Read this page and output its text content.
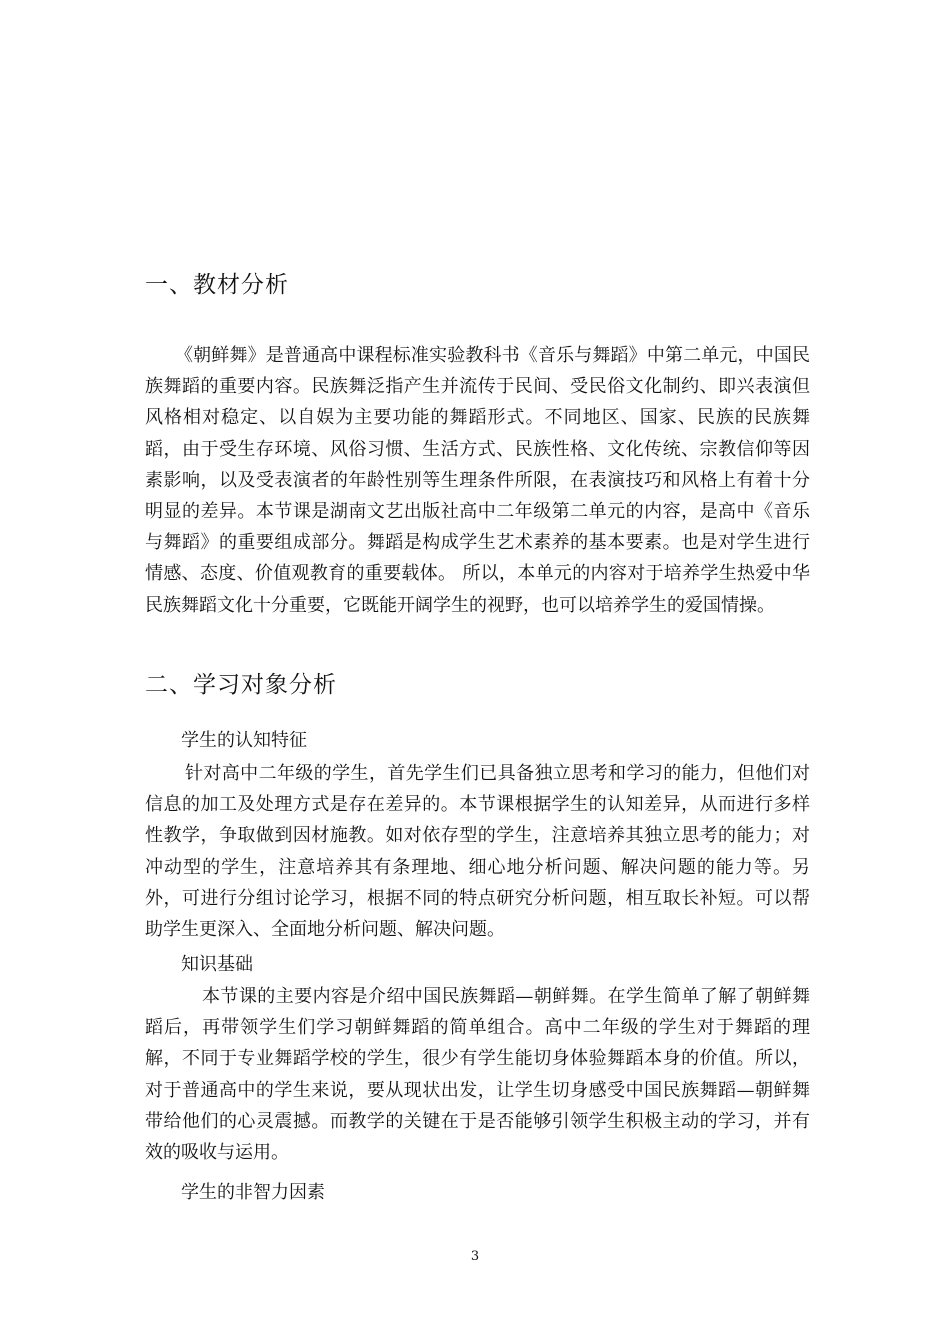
一、教材分析

《朝鲜舞》是普通高中课程标准实验教科书《音乐与舞蹈》中第二单元，中国民族舞蹈的重要内容。民族舞泛指产生并流传于民间、受民俗文化制约、即兴表演但风格相对稳定、以自娱为主要功能的舞蹈形式。不同地区、国家、民族的民族舞蹈，由于受生存环境、风俗习惯、生活方式、民族性格、文化传统、宗教信仰等因素影响，以及受表演者的年龄性别等生理条件所限，在表演技巧和风格上有着十分明显的差异。本节课是湖南文艺出版社高中二年级第二单元的内容，是高中《音乐与舞蹈》的重要组成部分。舞蹈是构成学生艺术素养的基本要素。也是对学生进行情感、态度、价值观教育的重要载体。 所以，本单元的内容对于培养学生热爱中华民族舞蹈文化十分重要，它既能开阔学生的视野，也可以培养学生的爱国情操。

二、学习对象分析
学生的认知特征

针对高中二年级的学生，首先学生们已具备独立思考和学习的能力，但他们对信息的加工及处理方式是存在差异的。本节课根据学生的认知差异，从而进行多样性教学，争取做到因材施教。如对依存型的学生，注意培养其独立思考的能力；对冲动型的学生，注意培养其有条理地、细心地分析问题、解决问题的能力等。另外，可进行分组讨论学习，根据不同的特点研究分析问题，相互取长补短。可以帮助学生更深入、全面地分析问题、解决问题。

知识基础

本节课的主要内容是介绍中国民族舞蹈—朝鲜舞。在学生简单了解了朝鲜舞蹈后，再带领学生们学习朝鲜舞蹈的简单组合。高中二年级的学生对于舞蹈的理解，不同于专业舞蹈学校的学生，很少有学生能切身体验舞蹈本身的价值。所以，对于普通高中的学生来说，要从现状出发，让学生切身感受中国民族舞蹈—朝鲜舞带给他们的心灵震撼。而教学的关键在于是否能够引领学生积极主动的学习，并有效的吸收与运用。

学生的非智力因素
3
